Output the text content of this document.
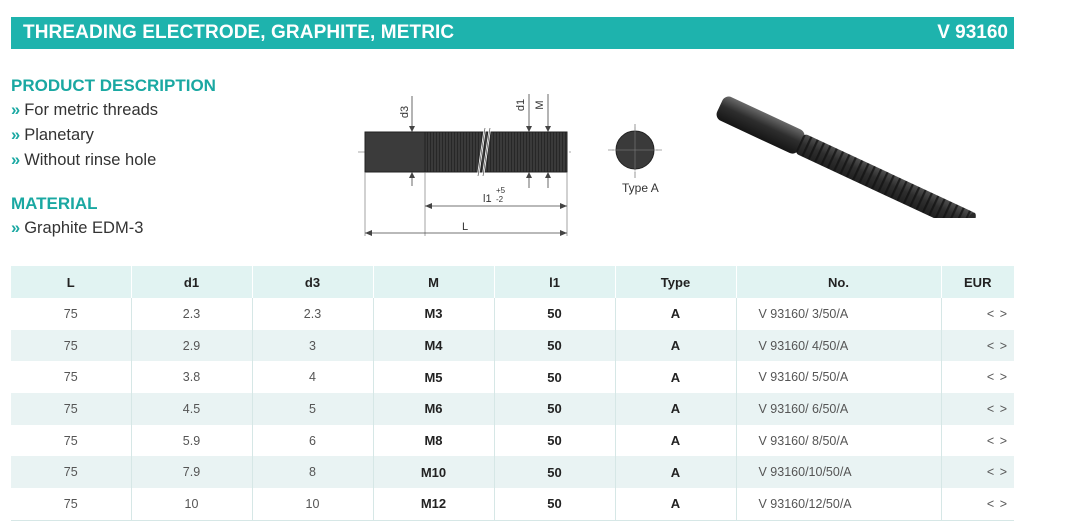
THREADING ELECTRODE, GRAPHITE, METRIC	V 93160
PRODUCT DESCRIPTION
» For metric threads
» Planetary
» Without rinse hole
MATERIAL
» Graphite EDM-3
d3
d1 M
l1
+5
-2
L
Type A
L	d1	d3	M	l1	Type	No.	EUR
75	2.3	2.3	M3	50	A	V 93160/ 3/50/A	< >
75	2.9	3	M4	50	A	V 93160/ 4/50/A	< >
75	3.8	4	M5	50	A	V 93160/ 5/50/A	< >
75	4.5	5	M6	50	A	V 93160/ 6/50/A	< >
75	5.9	6	M8	50	A	V 93160/ 8/50/A	< >
75	7.9	8	M10	50	A	V 93160/10/50/A	< >
75	10	10	M12	50	A	V 93160/12/50/A	< >
